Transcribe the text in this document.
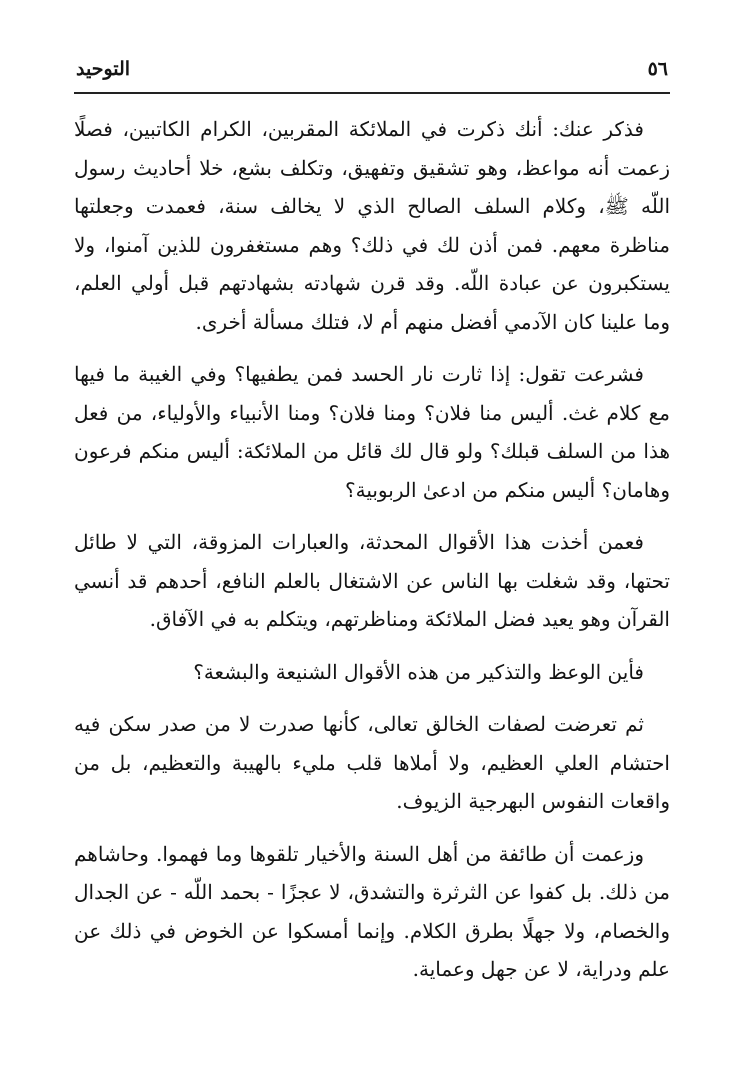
٥٦
التوحيد

فذكر عنك: أنك ذكرت في الملائكة المقربين، الكرام الكاتبين، فصلًا زعمت أنه مواعظ، وهو تشقيق وتفهيق، وتكلف بشع، خلا أحاديث رسول اللّه ﷺ، وكلام السلف الصالح الذي لا يخالف سنة، فعمدت وجعلتها مناظرة معهم. فمن أذن لك في ذلك؟ وهم مستغفرون للذين آمنوا، ولا يستكبرون عن عبادة اللّه. وقد قرن شهادته بشهادتهم قبل أولي العلم، وما علينا كان الآدمي أفضل منهم أم لا، فتلك مسألة أخرى.

فشرعت تقول: إذا ثارت نار الحسد فمن يطفيها؟ وفي الغيبة ما فيها مع كلام غث. أليس منا فلان؟ ومنا فلان؟ ومنا الأنبياء والأولياء، من فعل هذا من السلف قبلك؟ ولو قال لك قائل من الملائكة: أليس منكم فرعون وهامان؟ أليس منكم من ادعىٰ الربوبية؟

فعمن أخذت هذا الأقوال المحدثة، والعبارات المزوقة، التي لا طائل تحتها، وقد شغلت بها الناس عن الاشتغال بالعلم النافع، أحدهم قد أنسي القرآن وهو يعيد فضل الملائكة ومناظرتهم، ويتكلم به في الآفاق.

فأين الوعظ والتذكير من هذه الأقوال الشنيعة والبشعة؟

ثم تعرضت لصفات الخالق تعالى، كأنها صدرت لا من صدر سكن فيه احتشام العلي العظيم، ولا أملاها قلب مليء بالهيبة والتعظيم، بل من واقعات النفوس البهرجية الزيوف.

وزعمت أن طائفة من أهل السنة والأخيار تلقوها وما فهموا. وحاشاهم من ذلك. بل كفوا عن الثرثرة والتشدق، لا عجزًا - بحمد اللّه - عن الجدال والخصام، ولا جهلًا بطرق الكلام. وإنما أمسكوا عن الخوض في ذلك عن علم ودراية، لا عن جهل وعماية.
